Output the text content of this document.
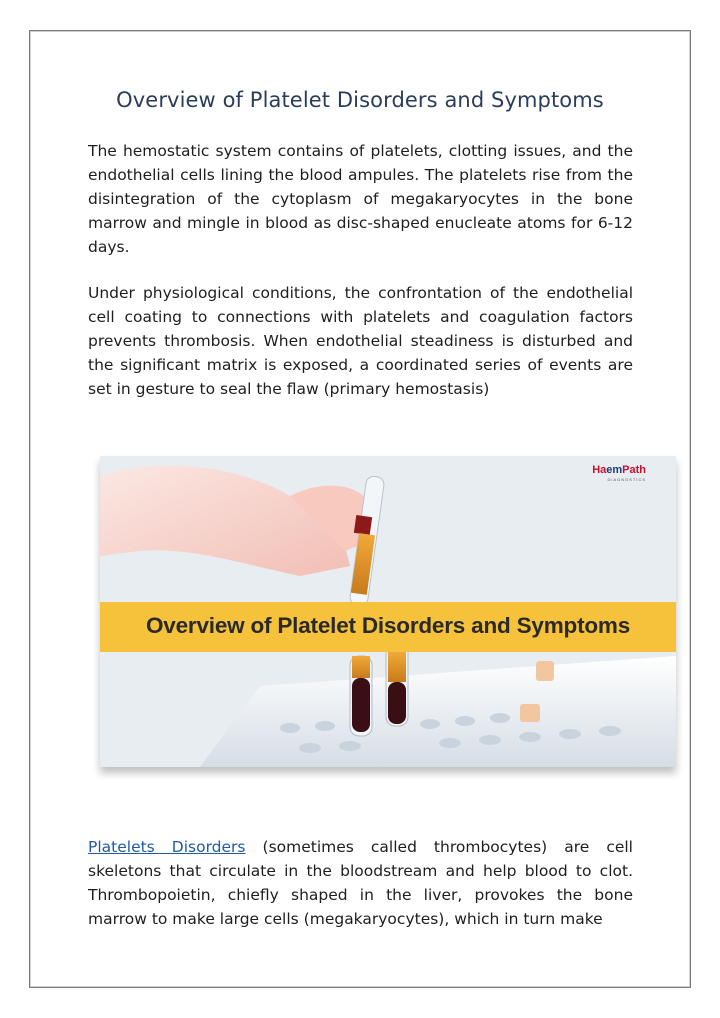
Overview of Platelet Disorders and Symptoms

The hemostatic system contains of platelets, clotting issues, and the endothelial cells lining the blood ampules. The platelets rise from the disintegration of the cytoplasm of megakaryocytes in the bone marrow and mingle in blood as disc-shaped enucleate atoms for 6-12 days.

Under physiological conditions, the confrontation of the endothelial cell coating to connections with platelets and coagulation factors prevents thrombosis. When endothelial steadiness is disturbed and the significant matrix is exposed, a coordinated series of events are set in gesture to seal the flaw (primary hemostasis)

Overview of Platelet Disorders and Symptoms
HaemPath
DIAGNOSTICS

Platelets Disorders (sometimes called thrombocytes) are cell skeletons that circulate in the bloodstream and help blood to clot. Thrombopoietin, chiefly shaped in the liver, provokes the bone marrow to make large cells (megakaryocytes), which in turn make
